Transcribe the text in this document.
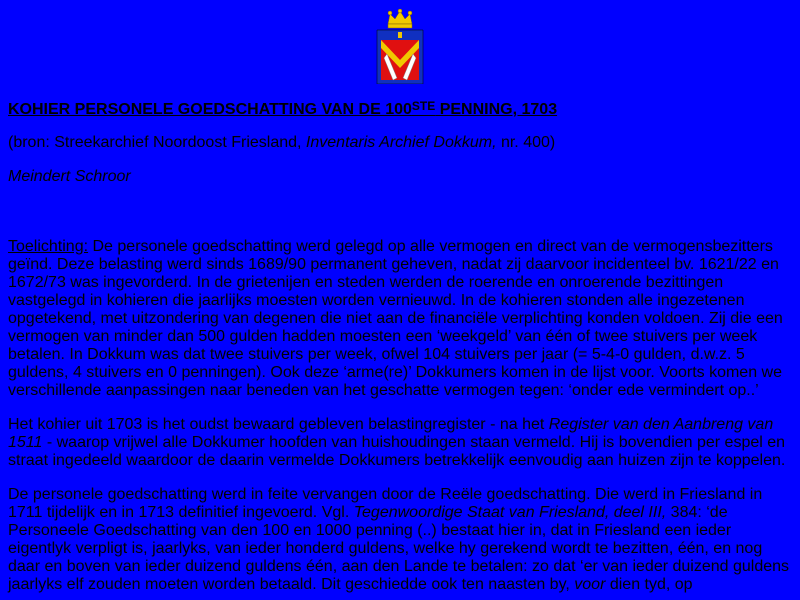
KOHIER PERSONELE GOEDSCHATTING VAN DE 100STE PENNING, 1703

(bron: Streekarchief Noordoost Friesland, Inventaris Archief Dokkum, nr. 400)

Meindert Schroor

Toelichting: De personele goedschatting werd gelegd op alle vermogen en direct van de vermogensbezitters geïnd. Deze belasting werd sinds 1689/90 permanent geheven, nadat zij daarvoor incidenteel bv. 1621/22 en 1672/73 was ingevorderd. In de grietenijen en steden werden de roerende en onroerende bezittingen vastgelegd in kohieren die jaarlijks moesten worden vernieuwd. In de kohieren stonden alle ingezetenen opgetekend, met uitzondering van degenen die niet aan de financiële verplichting konden voldoen. Zij die een vermogen van minder dan 500 gulden hadden moesten een ‘weekgeld’ van één of twee stuivers per week betalen. In Dokkum was dat twee stuivers per week, ofwel 104 stuivers per jaar (= 5-4-0 gulden, d.w.z. 5 guldens, 4 stuivers en 0 penningen). Ook deze ‘arme(re)’ Dokkumers komen in de lijst voor. Voorts komen we verschillende aanpassingen naar beneden van het geschatte vermogen tegen: ‘onder ede vermindert op..’

Het kohier uit 1703 is het oudst bewaard gebleven belastingregister - na het Register van den Aanbreng van 1511 - waarop vrijwel alle Dokkumer hoofden van huishoudingen staan vermeld. Hij is bovendien per espel en straat ingedeeld waardoor de daarin vermelde Dokkumers betrekkelijk eenvoudig aan huizen zijn te koppelen.

De personele goedschatting werd in feite vervangen door de Reële goedschatting. Die werd in Friesland in 1711 tijdelijk en in 1713 definitief ingevoerd. Vgl. Tegenwoordige Staat van Friesland, deel III, 384: ‘de Personeele Goedschatting van den 100 en 1000 penning (..) bestaat hier in, dat in Friesland een ieder eigentlyk verpligt is, jaarlyks, van ieder honderd guldens, welke hy gerekend wordt te bezitten, één, en nog daar en boven van ieder duizend guldens één, aan den Lande te betalen: zo dat ‘er van ieder duizend guldens jaarlyks elf zouden moeten worden betaald. Dit geschiedde ook ten naasten by, voor dien tyd, op
